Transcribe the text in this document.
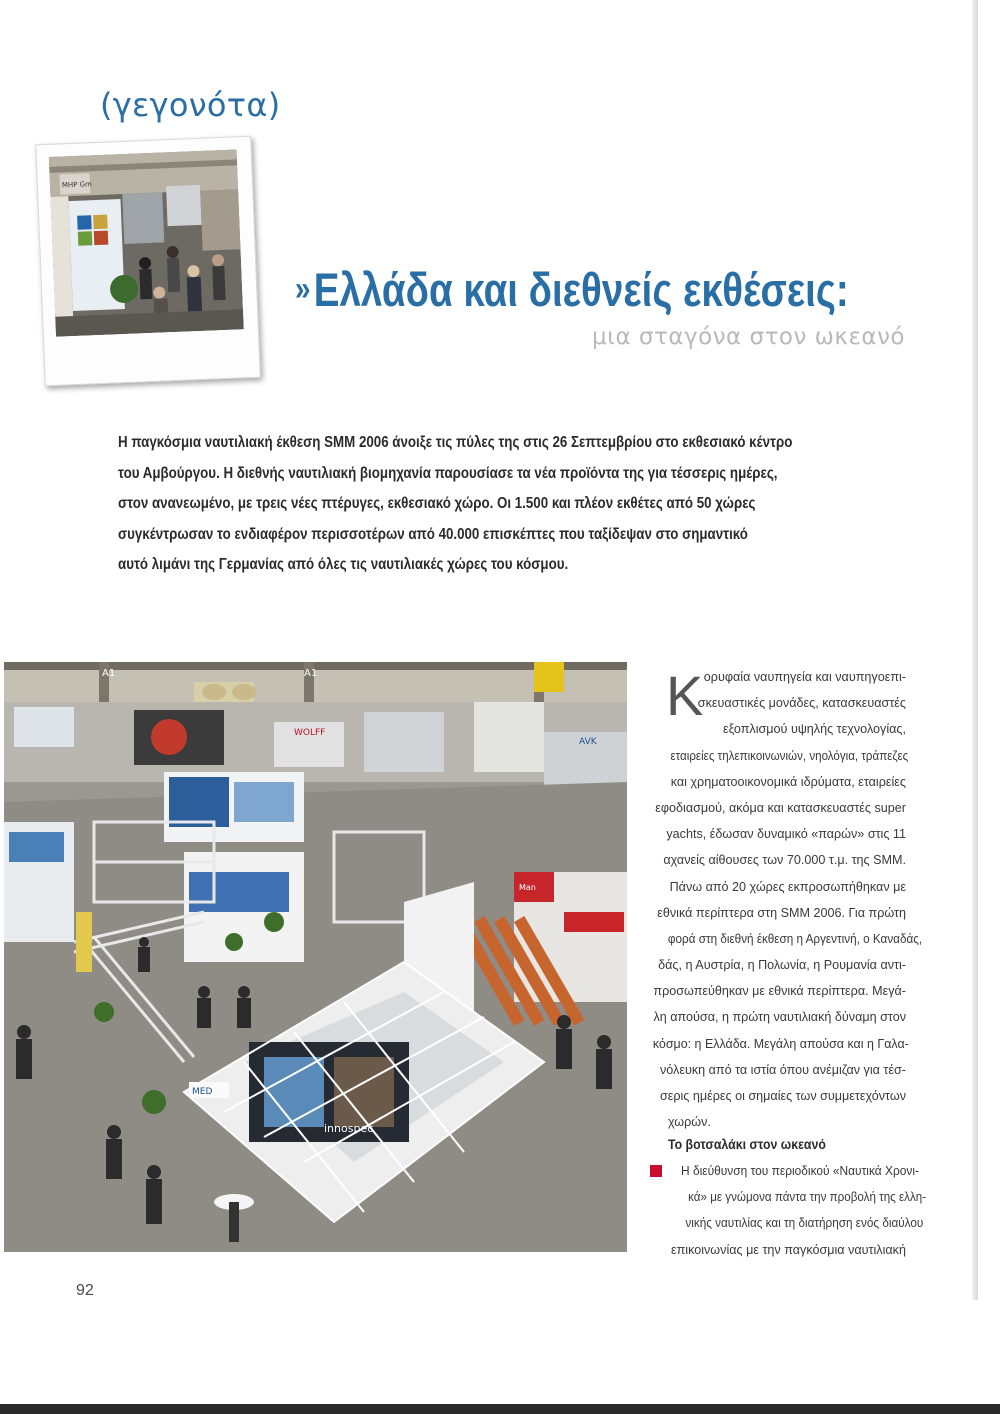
(γεγονότα)
MHP Gm
» Ελλάδα και διεθνείς εκθέσεις:
μια σταγόνα στον ωκεανό

Η παγκόσμια ναυτιλιακή έκθεση SMM 2006 άνοιξε τις πύλες της στις 26 Σεπτεμβρίου στο εκθεσιακό κέντρο
του Αμβούργου. Η διεθνής ναυτιλιακή βιομηχανία παρουσίασε τα νέα προϊόντα της για τέσσερις ημέρες,
στον ανανεωμένο, με τρεις νέες πτέρυγες, εκθεσιακό χώρο. Οι 1.500 και πλέον εκθέτες από 50 χώρες
συγκέντρωσαν το ενδιαφέρον περισσοτέρων από 40.000 επισκέπτες που ταξίδεψαν στο σημαντικό
αυτό λιμάνι της Γερμανίας από όλες τις ναυτιλιακές χώρες του κόσμου.

A1	A1
WOLFF
AVK
Man
innospec
MED
Κ ορυφαία ναυπηγεία και ναυπηγοεπι-
σκευαστικές μονάδες, κατασκευαστές
εξοπλισμού υψηλής τεχνολογίας,
εταιρείες τηλεπικοινωνιών, νηολόγια, τράπεζες
και χρηματοοικονομικά ιδρύματα, εταιρείες
εφοδιασμού, ακόμα και κατασκευαστές super
yachts, έδωσαν δυναμικό «παρών» στις 11
αχανείς αίθουσες των 70.000 τ.μ. της SMM.
Πάνω από 20 χώρες εκπροσωπήθηκαν με
εθνικά περίπτερα στη SMM 2006. Για πρώτη
φορά στη διεθνή έκθεση η Αργεντινή, ο Καναδάς,
δάς, η Αυστρία, η Πολωνία, η Ρουμανία αντι-
προσωπεύθηκαν με εθνικά περίπτερα. Μεγά-
λη απούσα, η πρώτη ναυτιλιακή δύναμη στον
κόσμο: η Ελλάδα. Μεγάλη απούσα και η Γαλα-
νόλευκη από τα ιστία όπου ανέμιζαν για τέσ-
σερις ημέρες οι σημαίες των συμμετεχόντων
χωρών.
Το βοτσαλάκι στον ωκεανό
Η διεύθυνση του περιοδικού «Ναυτικά Χρονι-
κά» με γνώμονα πάντα την προβολή της ελλη-
νικής ναυτιλίας και τη διατήρηση ενός διαύλου
επικοινωνίας με την παγκόσμια ναυτιλιακή
92
